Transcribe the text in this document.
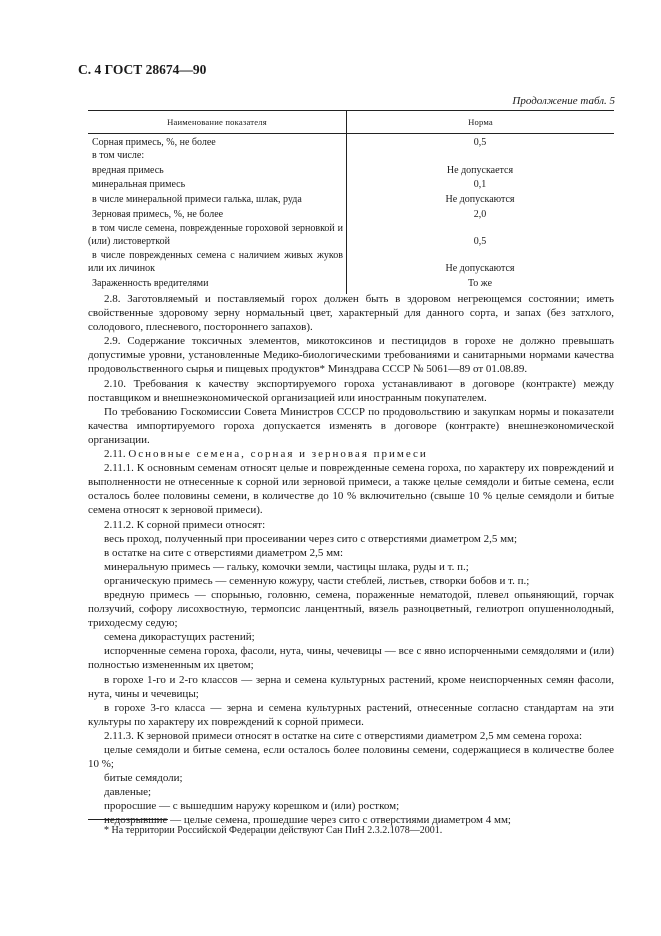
С. 4 ГОСТ 28674—90
Продолжение табл. 5
Наименование показателя	Норма
Сорная примесь, %, не более	0,5
в том числе:
вредная примесь	Не допускается
минеральная примесь	0,1
в числе минеральной примеси галька, шлак, руда	Не допускаются
Зерновая примесь, %, не более	2,0
в том числе семена, поврежденные гороховой зерновкой и (или) листоверткой	0,5
в числе поврежденных семена с наличием живых жуков или их личинок	Не допускаются
Зараженность вредителями	То же

2.8. Заготовляемый и поставляемый горох должен быть в здоровом негреющемся состоянии; иметь свойственные здоровому зерну нормальный цвет, характерный для данного сорта, и запах (без затхлого, солодового, плесневого, постороннего запахов).

2.9. Содержание токсичных элементов, микотоксинов и пестицидов в горохе не должно превышать допустимые уровни, установленные Медико-биологическими требованиями и санитарными нормами качества продовольственного сырья и пищевых продуктов* Минздрава СССР № 5061—89 от 01.08.89.

2.10. Требования к качеству экспортируемого гороха устанавливают в договоре (контракте) между поставщиком и внешнеэкономической организацией или иностранным покупателем.

По требованию Госкомиссии Совета Министров СССР по продовольствию и закупкам нормы и показатели качества импортируемого гороха допускается изменять в договоре (контракте) внешнеэкономической организации.

2.11. Основные семена, сорная и зерновая примеси

2.11.1. К основным семенам относят целые и поврежденные семена гороха, по характеру их повреждений и выполненности не отнесенные к сорной или зерновой примеси, а также целые семядоли и битые семена, если осталось более половины семени, в количестве до 10 % включительно (свыше 10 % целые семядоли и битые семена относят к зерновой примеси).

2.11.2. К сорной примеси относят:

весь проход, полученный при просеивании через сито с отверстиями диаметром 2,5 мм;

в остатке на сите с отверстиями диаметром 2,5 мм:

минеральную примесь — гальку, комочки земли, частицы шлака, руды и т. п.;

органическую примесь — семенную кожуру, части стеблей, листьев, створки бобов и т. п.;

вредную примесь — спорынью, головню, семена, пораженные нематодой, плевел опьяняющий, горчак ползучий, софору лисохвостную, термопсис ланцентный, вязель разноцветный, гелиотроп опушеннолодный, триходесму седую;

семена дикорастущих растений;

испорченные семена гороха, фасоли, нута, чины, чечевицы — все с явно испорченными семядолями и (или) полностью измененным их цветом;

в горохе 1-го и 2-го классов — зерна и семена культурных растений, кроме неиспорченных семян фасоли, нута, чины и чечевицы;

в горохе 3-го класса — зерна и семена культурных растений, отнесенные согласно стандартам на эти культуры по характеру их повреждений к сорной примеси.

2.11.3. К зерновой примеси относят в остатке на сите с отверстиями диаметром 2,5 мм семена гороха:

целые семядоли и битые семена, если осталось более половины семени, содержащиеся в количестве более 10 %;

битые семядоли;

давленые;

проросшие — с вышедшим наружу корешком и (или) ростком;

недозрывшие — целые семена, прошедшие через сито с отверстиями диаметром 4 мм;

* На территории Российской Федерации действуют Сан ПиН 2.3.2.1078—2001.
